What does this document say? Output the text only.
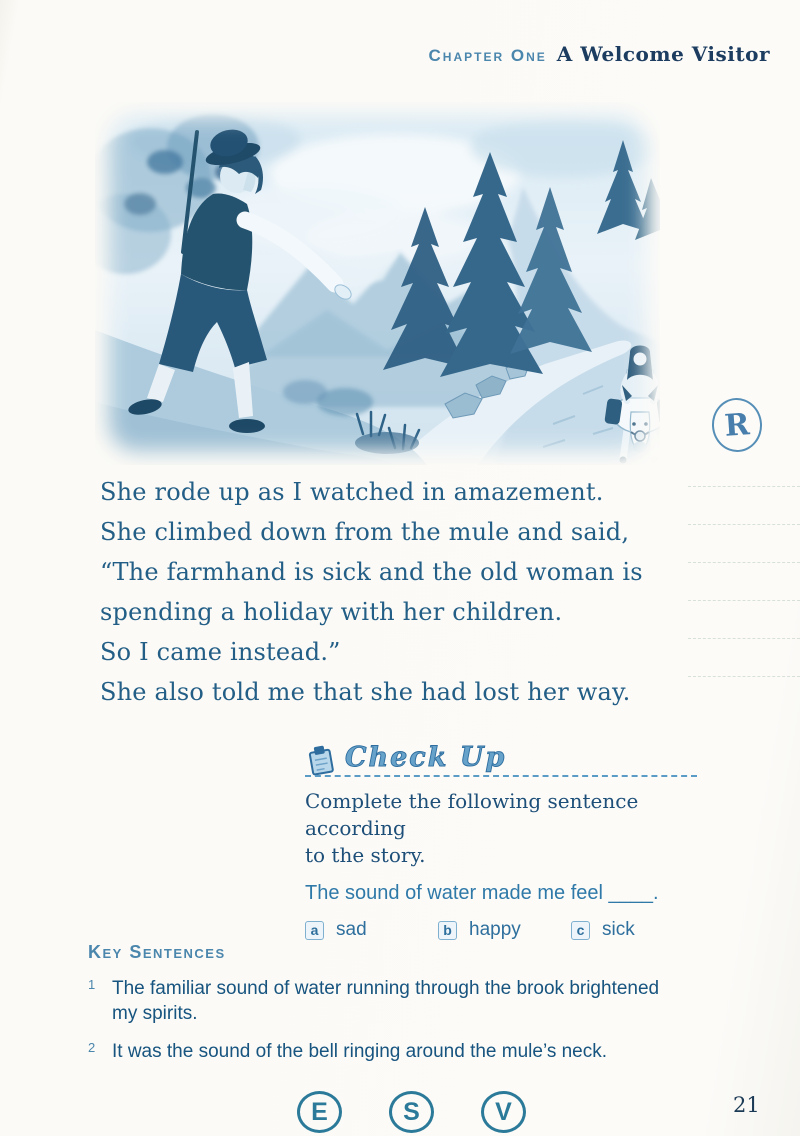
Chapter One A Welcome Visitor
R

She rode up as I watched in amazement.

She climbed down from the mule and said,

“The farmhand is sick and the old woman is

spending a holiday with her children.

So I came instead.”

She also told me that she had lost her way.

Check Up
Complete the following sentence according
to the story.

The sound of water made me feel ____.

a sad	b happy	c sick
Key Sentences
1 The familiar sound of water running through the brook brightened
my spirits.
2 It was the sound of the bell ringing around the mule’s neck.
E	S	V	21
